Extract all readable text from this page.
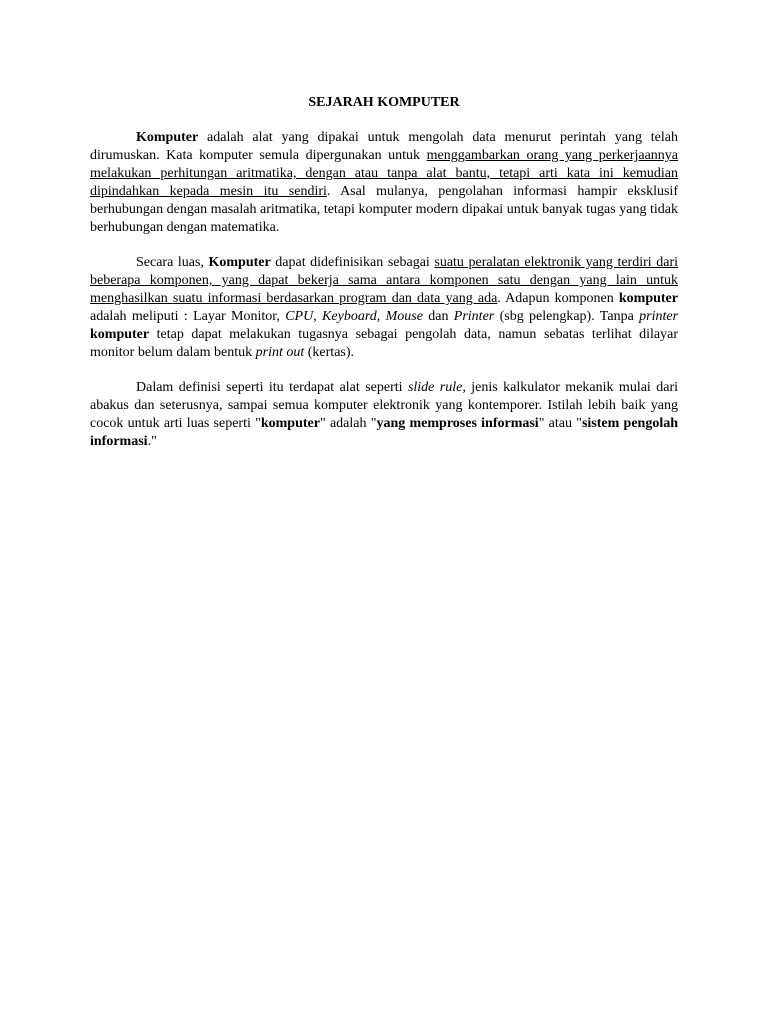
SEJARAH KOMPUTER

Komputer adalah alat yang dipakai untuk mengolah data menurut perintah yang telah dirumuskan. Kata komputer semula dipergunakan untuk menggambarkan orang yang perkerjaannya melakukan perhitungan aritmatika, dengan atau tanpa alat bantu, tetapi arti kata ini kemudian dipindahkan kepada mesin itu sendiri. Asal mulanya, pengolahan informasi hampir eksklusif berhubungan dengan masalah aritmatika, tetapi komputer modern dipakai untuk banyak tugas yang tidak berhubungan dengan matematika.

Secara luas, Komputer dapat didefinisikan sebagai suatu peralatan elektronik yang terdiri dari beberapa komponen, yang dapat bekerja sama antara komponen satu dengan yang lain untuk menghasilkan suatu informasi berdasarkan program dan data yang ada. Adapun komponen komputer adalah meliputi : Layar Monitor, CPU, Keyboard, Mouse dan Printer (sbg pelengkap). Tanpa printer komputer tetap dapat melakukan tugasnya sebagai pengolah data, namun sebatas terlihat dilayar monitor belum dalam bentuk print out (kertas).

Dalam definisi seperti itu terdapat alat seperti slide rule, jenis kalkulator mekanik mulai dari abakus dan seterusnya, sampai semua komputer elektronik yang kontemporer. Istilah lebih baik yang cocok untuk arti luas seperti "komputer" adalah "yang memproses informasi" atau "sistem pengolah informasi."
